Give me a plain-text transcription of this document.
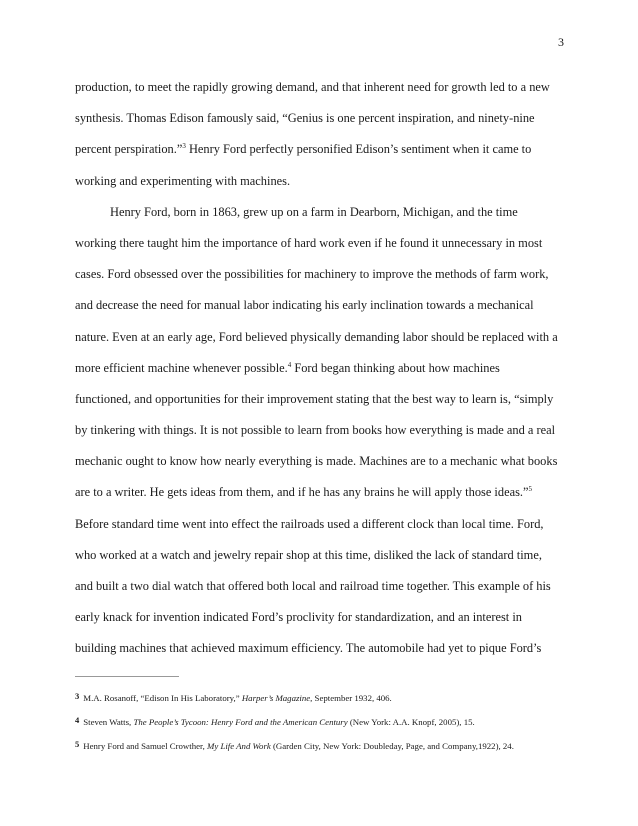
3
production, to meet the rapidly growing demand, and that inherent need for growth led to a new
synthesis. Thomas Edison famously said, “Genius is one percent inspiration, and ninety-nine
percent perspiration.”$^3$ Henry Ford perfectly personified Edison’s sentiment when it came to
working and experimenting with machines.
Henry Ford, born in 1863, grew up on a farm in Dearborn, Michigan, and the time
working there taught him the importance of hard work even if he found it unnecessary in most
cases. Ford obsessed over the possibilities for machinery to improve the methods of farm work,
and decrease the need for manual labor indicating his early inclination towards a mechanical
nature. Even at an early age, Ford believed physically demanding labor should be replaced with a
more efficient machine whenever possible.$^4$ Ford began thinking about how machines
functioned, and opportunities for their improvement stating that the best way to learn is, “simply
by tinkering with things. It is not possible to learn from books how everything is made and a real
mechanic ought to know how nearly everything is made. Machines are to a mechanic what books
are to a writer. He gets ideas from them, and if he has any brains he will apply those ideas.”$^5$
Before standard time went into effect the railroads used a different clock than local time. Ford,
who worked at a watch and jewelry repair shop at this time, disliked the lack of standard time,
and built a two dial watch that offered both local and railroad time together. This example of his
early knack for invention indicated Ford’s proclivity for standardization, and an interest in
building machines that achieved maximum efficiency. The automobile had yet to pique Ford’s
3 M.A. Rosanoff, “Edison In His Laboratory,” Harper’s Magazine, September 1932, 406.
4 Steven Watts, The People’s Tycoon: Henry Ford and the American Century (New York: A.A. Knopf, 2005), 15.
5 Henry Ford and Samuel Crowther, My Life And Work (Garden City, New York: Doubleday, Page, and Company,1922), 24.
